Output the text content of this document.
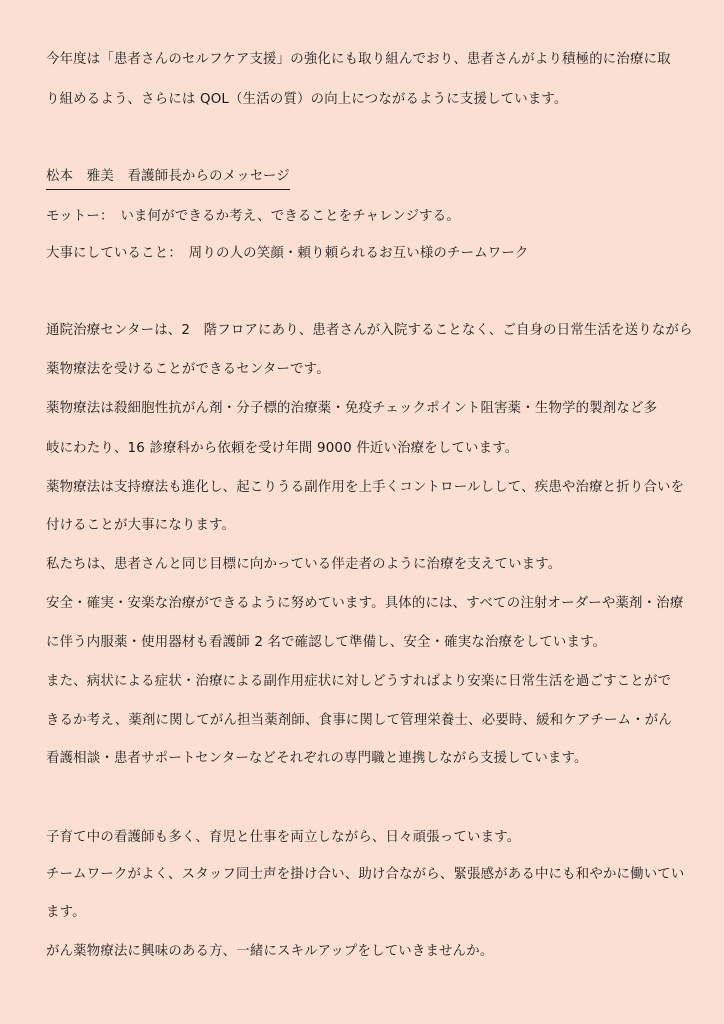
今年度は「患者さんのセルフケア支援」の強化にも取り組んでおり、患者さんがより積極的に治療に取
り組めるよう、さらには QOL（生活の質）の向上につながるように支援しています。
松本　雅美　看護師長からのメッセージ
モットー：　いま何ができるか考え、できることをチャレンジする。
大事にしていること：　周りの人の笑顔・頼り頼られるお互い様のチームワーク
通院治療センターは、2　階フロアにあり、患者さんが入院することなく、ご自身の日常生活を送りながら
薬物療法を受けることができるセンターです。
薬物療法は殺細胞性抗がん剤・分子標的治療薬・免疫チェックポイント阻害薬・生物学的製剤など多
岐にわたり、16 診療科から依頼を受け年間 9000 件近い治療をしています。
薬物療法は支持療法も進化し、起こりうる副作用を上手くコントロールしして、疾患や治療と折り合いを
付けることが大事になります。
私たちは、患者さんと同じ目標に向かっている伴走者のように治療を支えています。
安全・確実・安楽な治療ができるように努めています。具体的には、すべての注射オーダーや薬剤・治療
に伴う内服薬・使用器材も看護師 2 名で確認して準備し、安全・確実な治療をしています。
また、病状による症状・治療による副作用症状に対しどうすればより安楽に日常生活を過ごすことがで
きるか考え、薬剤に関してがん担当薬剤師、食事に関して管理栄養士、必要時、緩和ケアチーム・がん
看護相談・患者サポートセンターなどそれぞれの専門職と連携しながら支援しています。
子育て中の看護師も多く、育児と仕事を両立しながら、日々頑張っています。
チームワークがよく、スタッフ同士声を掛け合い、助け合ながら、緊張感がある中にも和やかに働いてい
ます。
がん薬物療法に興味のある方、一緒にスキルアップをしていきませんか。
